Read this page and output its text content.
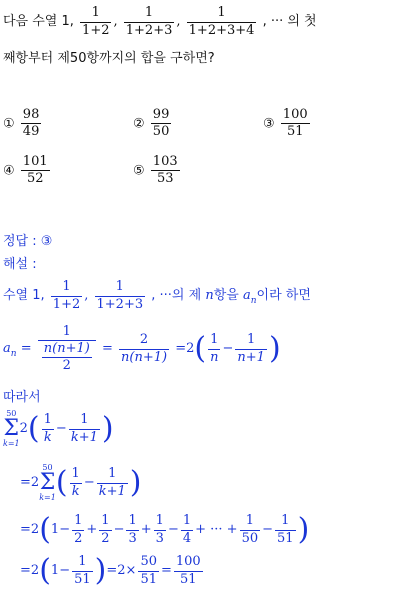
다음 수열 1, $\frac{1}{1+2}$ , $\frac{1}{1+2+3}$ , $\frac{1}{1+2+3+4}$ , ··· 의 첫
째항부터 제50항까지의 합을 구하면?
① $\frac{98}{49}$	② $\frac{99}{50}$	③ $\frac{100}{51}$
④ $\frac{101}{52}$	⑤ $\frac{103}{53}$
정답 : ③
해설 :
수열 1, $\frac{1}{1+2}$ , $\frac{1}{1+2+3}$ , ···의 제 n항을 $a_n$이라 하면
$a_n = \frac{1}{\frac{n(n+1)}{2}} = \frac{2}{n(n+1)} =2( \frac{1}{n} - \frac{1}{n+1}$ )
따라서
50
Σ
k=1
$2( \frac{1}{k} - \frac{1}{k+1}$ )
=2
50
Σ
k=1 ( $\frac{1}{k} - \frac{1}{k+1}$ )
$=2(1- \frac{1}{2} + \frac{1}{2} - \frac{1}{3} + \frac{1}{3} - \frac{1}{4}$ + ··· + $\frac{1}{50} - \frac{1}{51}$ )
$=2(1- \frac{1}{51} )=2\times \frac{50}{51} = \frac{100}{51}$
